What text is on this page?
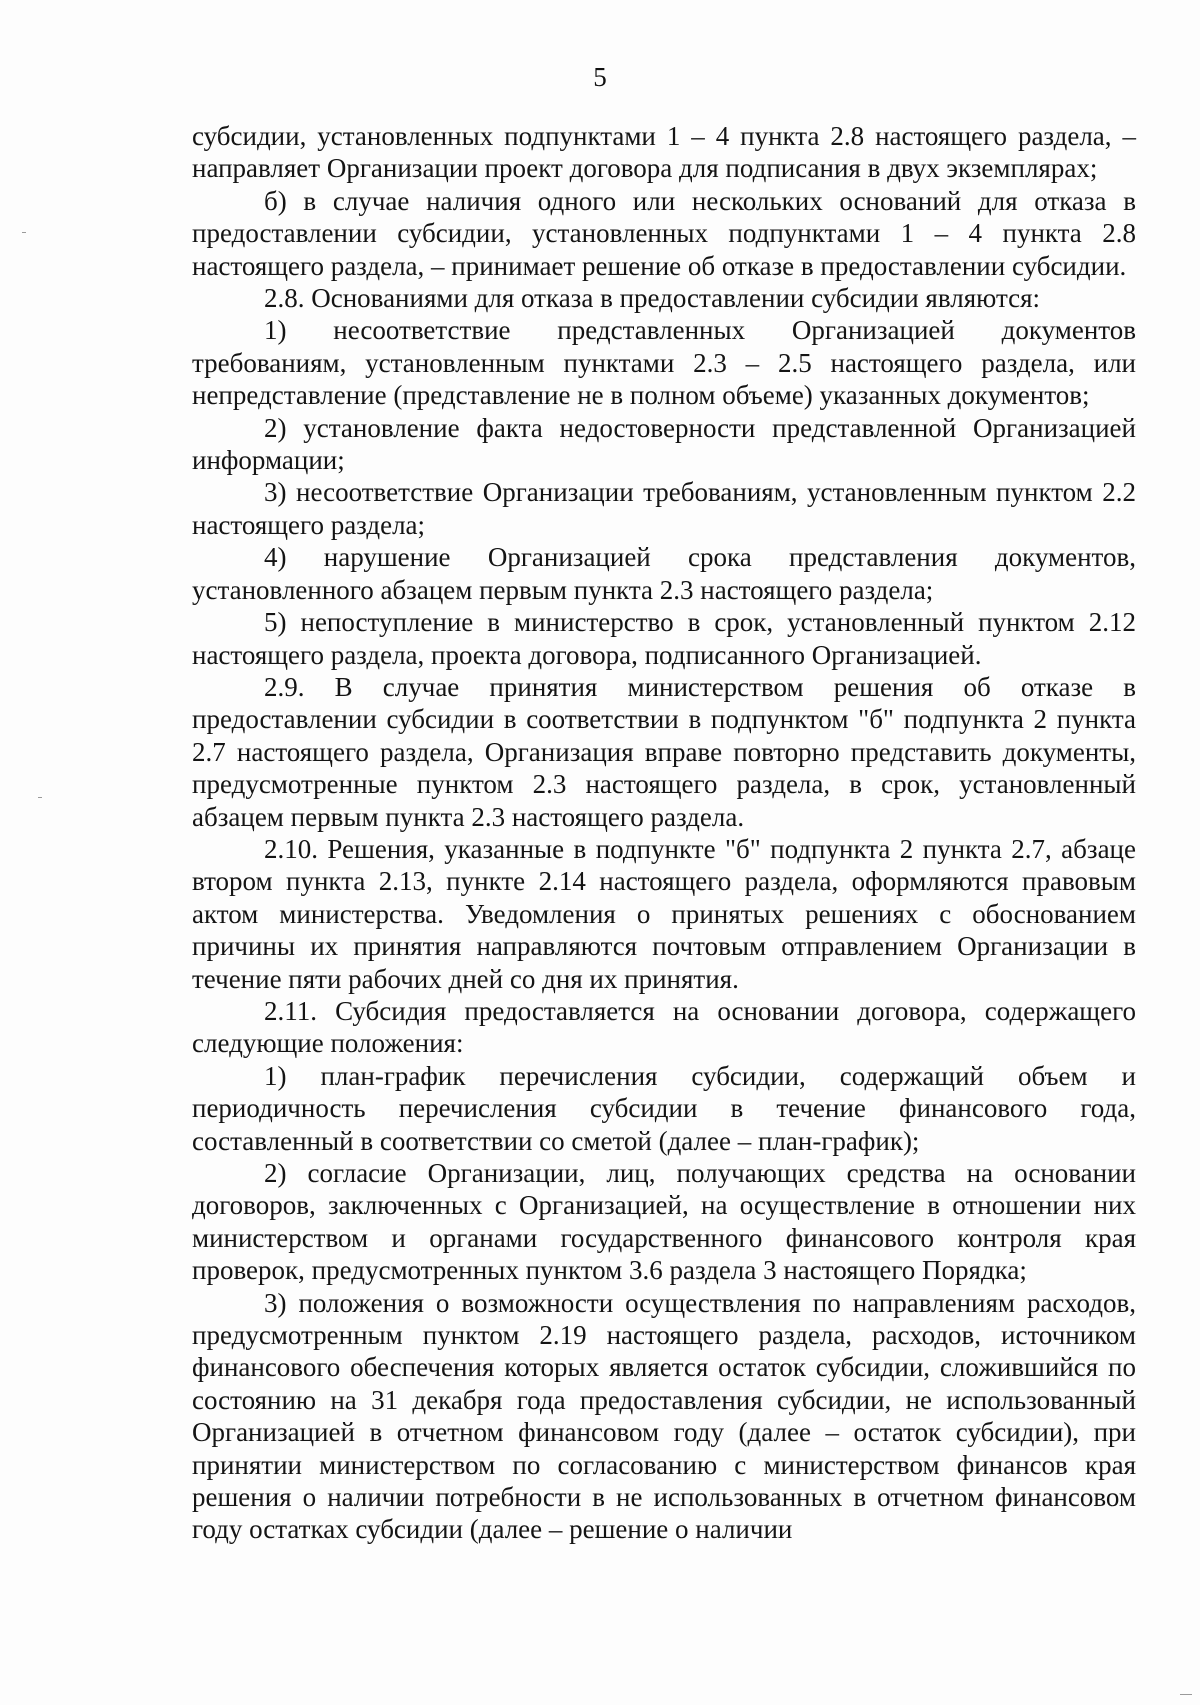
5

субсидии, установленных подпунктами 1 – 4 пункта 2.8 настоящего раздела, – направляет Организации проект договора для подписания в двух экземплярах;

б) в случае наличия одного или нескольких оснований для отказа в предоставлении субсидии, установленных подпунктами 1 – 4 пункта 2.8 настоящего раздела, – принимает решение об отказе в предоставлении субсидии.

2.8. Основаниями для отказа в предоставлении субсидии являются:

1) несоответствие представленных Организацией документов требованиям, установленным пунктами 2.3 – 2.5 настоящего раздела, или непредставление (представление не в полном объеме) указанных документов;

2) установление факта недостоверности представленной Организацией информации;

3) несоответствие Организации требованиям, установленным пунктом 2.2 настоящего раздела;

4) нарушение Организацией срока представления документов, установленного абзацем первым пункта 2.3 настоящего раздела;

5) непоступление в министерство в срок, установленный пунктом 2.12 настоящего раздела, проекта договора, подписанного Организацией.

2.9. В случае принятия министерством решения об отказе в предоставлении субсидии в соответствии в подпунктом "б" подпункта 2 пункта 2.7 настоящего раздела, Организация вправе повторно представить документы, предусмотренные пунктом 2.3 настоящего раздела, в срок, установленный абзацем первым пункта 2.3 настоящего раздела.

2.10. Решения, указанные в подпункте "б" подпункта 2 пункта 2.7, абзаце втором пункта 2.13, пункте 2.14 настоящего раздела, оформляются правовым актом министерства. Уведомления о принятых решениях с обоснованием причины их принятия направляются почтовым отправлением Организации в течение пяти рабочих дней со дня их принятия.

2.11. Субсидия предоставляется на основании договора, содержащего следующие положения:

1) план-график перечисления субсидии, содержащий объем и периодичность перечисления субсидии в течение финансового года, составленный в соответствии со сметой (далее – план-график);

2) согласие Организации, лиц, получающих средства на основании договоров, заключенных с Организацией, на осуществление в отношении них министерством и органами государственного финансового контроля края проверок, предусмотренных пунктом 3.6 раздела 3 настоящего Порядка;

3) положения о возможности осуществления по направлениям расходов, предусмотренным пунктом 2.19 настоящего раздела, расходов, источником финансового обеспечения которых является остаток субсидии, сложившийся по состоянию на 31 декабря года предоставления субсидии, не использованный Организацией в отчетном финансовом году (далее – остаток субсидии), при принятии министерством по согласованию с министерством финансов края решения о наличии потребности в не использованных в отчетном финансовом году остатках субсидии (далее – решение о наличии
